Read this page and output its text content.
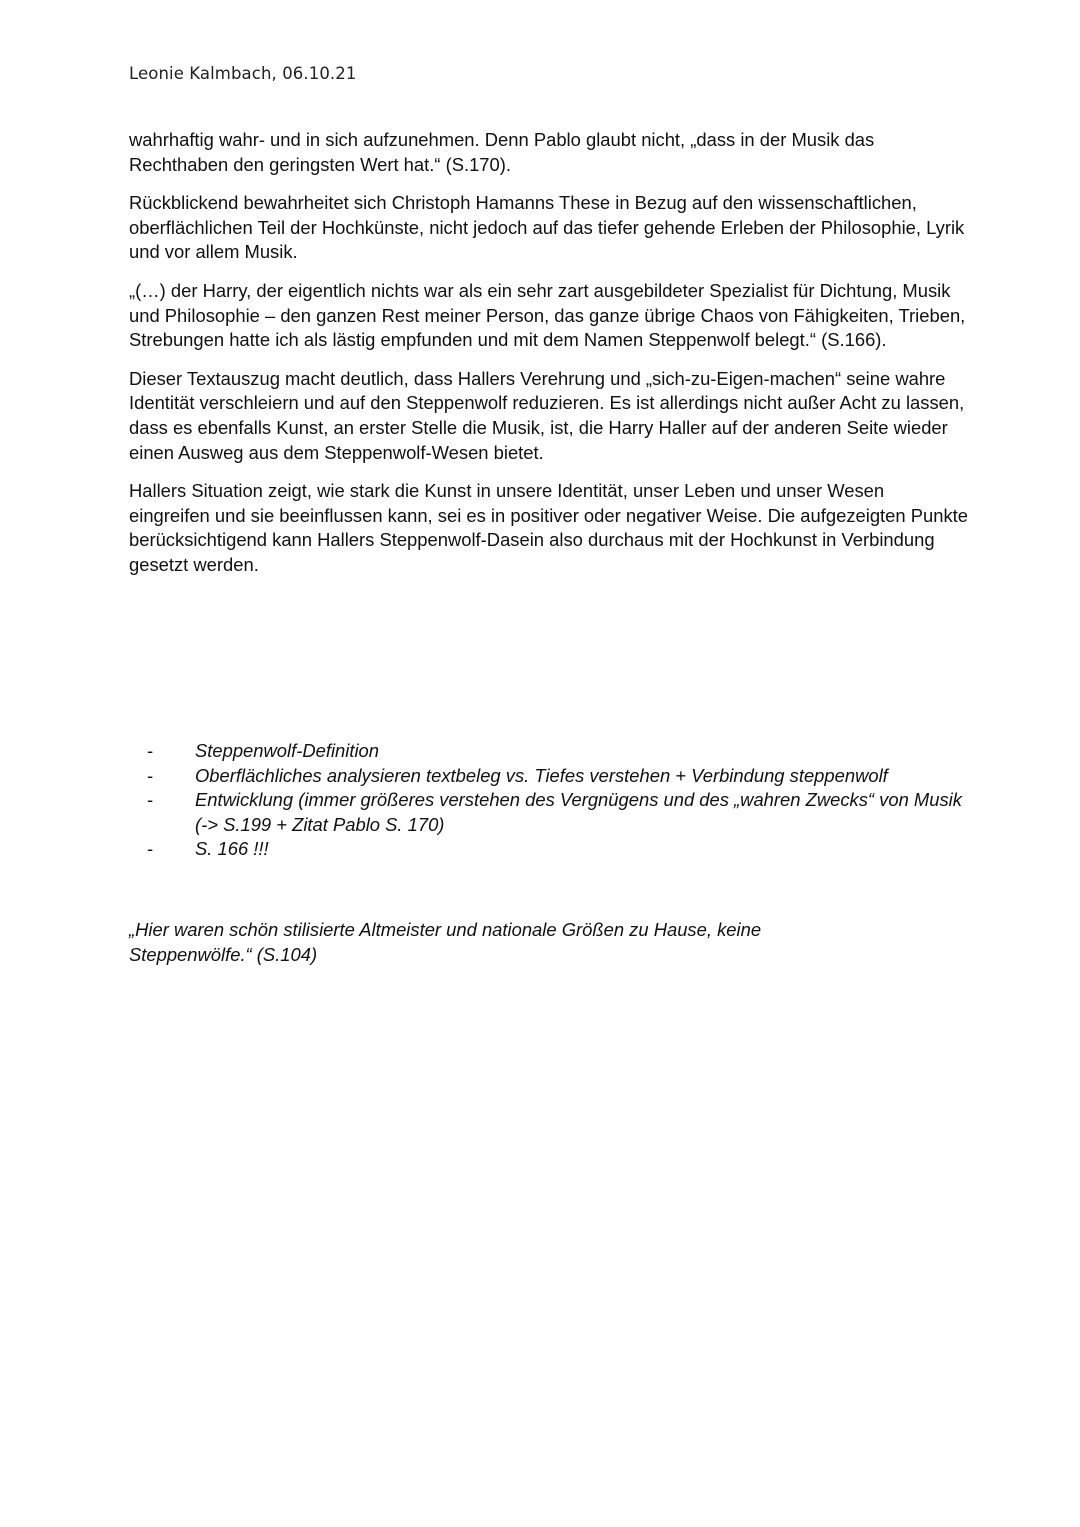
Leonie Kalmbach, 06.10.21

wahrhaftig wahr- und in sich aufzunehmen. Denn Pablo glaubt nicht, „dass in der Musik das Rechthaben den geringsten Wert hat.“ (S.170).

Rückblickend bewahrheitet sich Christoph Hamanns These in Bezug auf den wissenschaftlichen, oberflächlichen Teil der Hochkünste, nicht jedoch auf das tiefer gehende Erleben der Philosophie, Lyrik und vor allem Musik.

„(…) der Harry, der eigentlich nichts war als ein sehr zart ausgebildeter Spezialist für Dichtung, Musik und Philosophie – den ganzen Rest meiner Person, das ganze übrige Chaos von Fähigkeiten, Trieben, Strebungen hatte ich als lästig empfunden und mit dem Namen Steppenwolf belegt.“ (S.166).

Dieser Textauszug macht deutlich, dass Hallers Verehrung und „sich-zu-Eigen-machen“ seine wahre Identität verschleiern und auf den Steppenwolf reduzieren. Es ist allerdings nicht außer Acht zu lassen, dass es ebenfalls Kunst, an erster Stelle die Musik, ist, die Harry Haller auf der anderen Seite wieder einen Ausweg aus dem Steppenwolf-Wesen bietet.

Hallers Situation zeigt, wie stark die Kunst in unsere Identität, unser Leben und unser Wesen eingreifen und sie beeinflussen kann, sei es in positiver oder negativer Weise. Die aufgezeigten Punkte berücksichtigend kann Hallers Steppenwolf-Dasein also durchaus mit der Hochkunst in Verbindung gesetzt werden.

- Steppenwolf-Definition
- Oberflächliches analysieren textbeleg vs. Tiefes verstehen + Verbindung steppenwolf
- Entwicklung (immer größeres verstehen des Vergnügens und des „wahren Zwecks“ von Musik (-> S.199 + Zitat Pablo S. 170)
- S. 166 !!!

„Hier waren schön stilisierte Altmeister und nationale Größen zu Hause, keine Steppenwölfe.“ (S.104)
